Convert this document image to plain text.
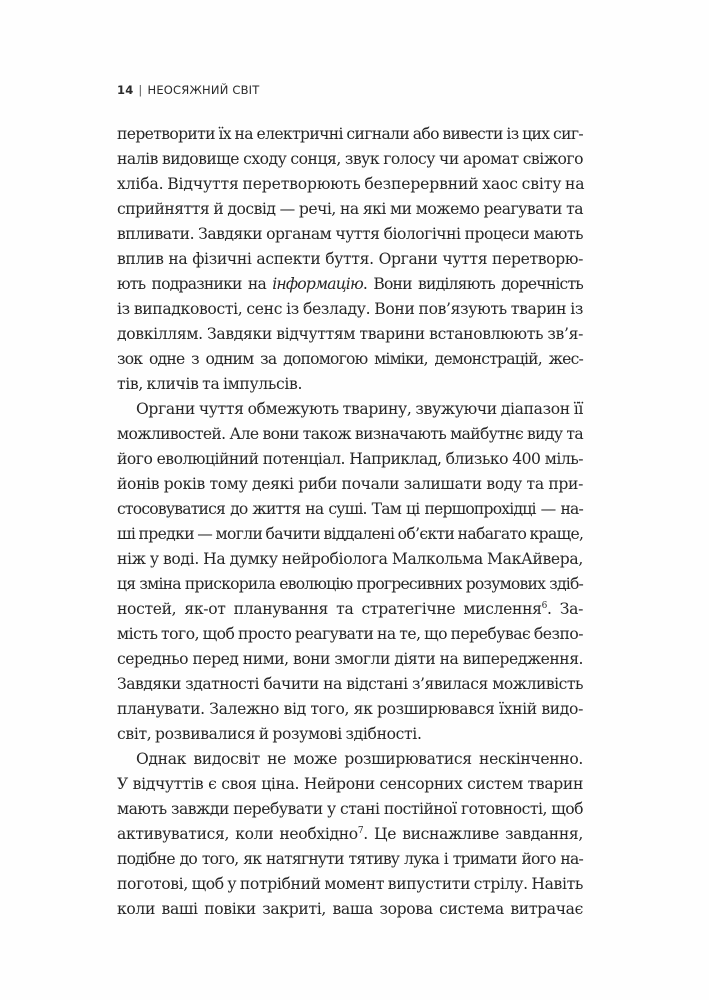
14 | НЕОСЯЖНИЙ СВІТ
перетворити їх на електричні сигнали або вивести із цих сиг-
налів видовище сходу сонця, звук голосу чи аромат свіжого
хліба. Відчуття перетворюють безперервний хаос світу на
сприйняття й досвід — речі, на які ми можемо реагувати та
впливати. Завдяки органам чуття біологічні процеси мають
вплив на фізичні аспекти буття. Органи чуття перетворю-
ють подразники на інформацію. Вони виділяють доречність
із випадковості, сенс із безладу. Вони пов’язують тварин із
довкіллям. Завдяки відчуттям тварини встановлюють зв’я-
зок одне з одним за допомогою міміки, демонстрацій, жес-
тів, кличів та імпульсів.
Органи чуття обмежують тварину, звужуючи діапазон її
можливостей. Але вони також визначають майбутнє виду та
його еволюційний потенціал. Наприклад, близько 400 міль-
йонів років тому деякі риби почали залишати воду та при-
стосовуватися до життя на суші. Там ці першопрохідці — на-
ші предки — могли бачити віддалені об’єкти набагато краще,
ніж у воді. На думку нейробіолога Малкольма МакАйвера,
ця зміна прискорила еволюцію прогресивних розумових здіб-
ностей, як-от планування та стратегічне мислення$^6$. За-
мість того, щоб просто реагувати на те, що перебуває безпо-
середньо перед ними, вони змогли діяти на випередження.
Завдяки здатності бачити на відстані з’явилася можливість
планувати. Залежно від того, як розширювався їхній видо-
світ, розвивалися й розумові здібності.
Однак видосвіт не може розширюватися нескінченно.
У відчуттів є своя ціна. Нейрони сенсорних систем тварин
мають завжди перебувати у стані постійної готовності, щоб
активуватися, коли необхідно$^7$. Це виснажливе завдання,
подібне до того, як натягнути тятиву лука і тримати його на-
поготові, щоб у потрібний момент випустити стрілу. Навіть
коли ваші повіки закриті, ваша зорова система витрачає
